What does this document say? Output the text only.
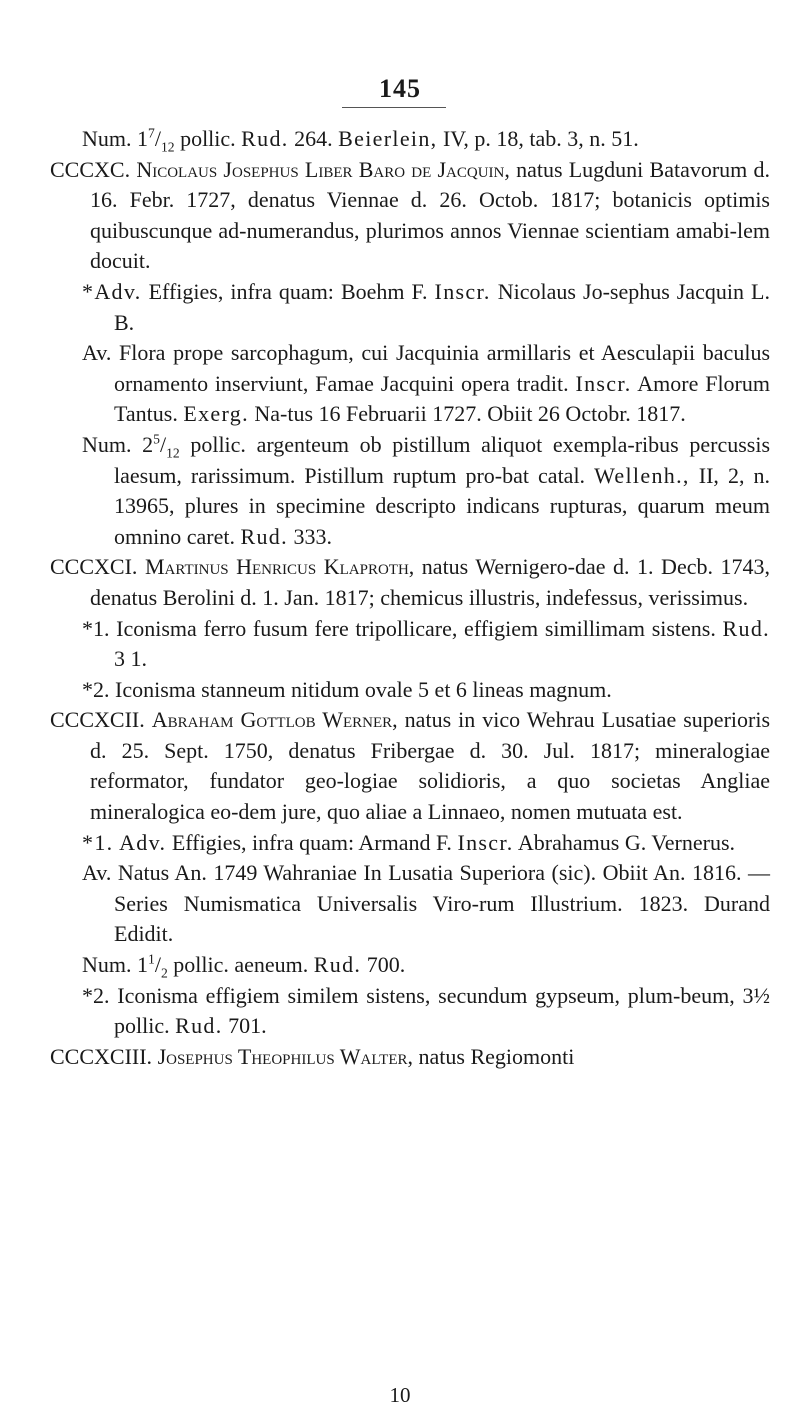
145

Num. $1^7/_{12}$ pollic. Rud. 264. Beierlein, IV, p. 18, tab. 3, n. 51.

CCCXC. Nicolaus Josephus Liber Baro de Jacquin, natus Lugduni Batavorum d. 16. Febr. 1727, denatus Viennae d. 26. Octob. 1817; botanicis optimis quibuscunque ad-numerandus, plurimos annos Viennae scientiam amabi-lem docuit.

*Adv. Effigies, infra quam: Boehm F. Inscr. Nicolaus Jo-sephus Jacquin L. B.

Av. Flora prope sarcophagum, cui Jacquinia armillaris et Aesculapii baculus ornamento inserviunt, Famae Jacquini opera tradit. Inscr. Amore Florum Tantus. Exerg. Na-tus 16 Februarii 1727. Obiit 26 Octobr. 1817.

Num. $2^5/_{12}$ pollic. argenteum ob pistillum aliquot exempla-ribus percussis laesum, rarissimum. Pistillum ruptum pro-bat catal. Wellenh., II, 2, n. 13965, plures in specimine descripto indicans rupturas, quarum meum omnino caret. Rud. 333.

CCCXCI. Martinus Henricus Klaproth, natus Wernigero-dae d. 1. Decb. 1743, denatus Berolini d. 1. Jan. 1817; chemicus illustris, indefessus, verissimus.

*1. Iconisma ferro fusum fere tripollicare, effigiem simillimam sistens. Rud. 3 1.

*2. Iconisma stanneum nitidum ovale 5 et 6 lineas magnum.

CCCXCII. Abraham Gottlob Werner, natus in vico Wehrau Lusatiae superioris d. 25. Sept. 1750, denatus Fribergae d. 30. Jul. 1817; mineralogiae reformator, fundator geo-logiae solidioris, a quo societas Angliae mineralogica eo-dem jure, quo aliae a Linnaeo, nomen mutuata est.

*1. Adv. Effigies, infra quam: Armand F. Inscr. Abrahamus G. Vernerus.

Av. Natus An. 1749 Wahraniae In Lusatia Superiora (sic). Obiit An. 1816. — Series Numismatica Universalis Viro-rum Illustrium. 1823. Durand Edidit.

Num. $1^1/_2$ pollic. aeneum. Rud. 700.

*2. Iconisma effigiem similem sistens, secundum gypseum, plum-beum, 3½ pollic. Rud. 701.

CCCXCIII. Josephus Theophilus Walter, natus Regiomonti

10
